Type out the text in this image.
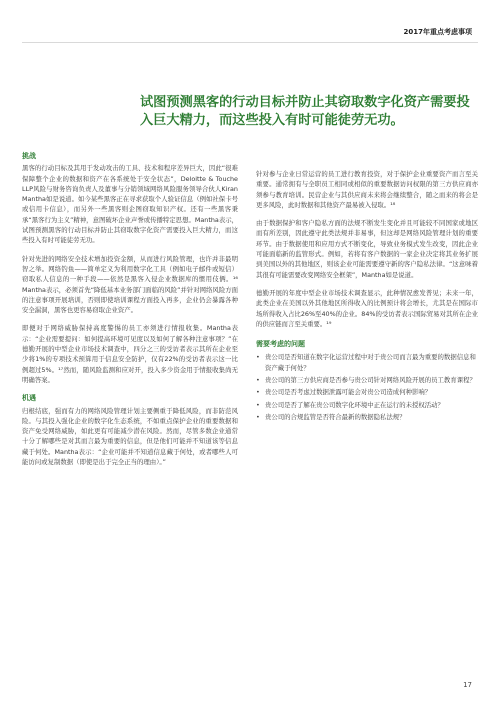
2017年重点考虑事项
试图预测黑客的行动目标并防止其窃取数字化资产需要投入巨大精力，而这些投入有时可能徒劳无功。
挑战

黑客的行动目标及其用于发动攻击的工具、技术和程序差异巨大，因此“很难保障整个企业的数据和资产在各系统处于安全状态”，Deloitte & Touche LLP风险与财务咨询负责人及董事与分销领域网络风险服务领导合伙人Kiran Mantha如是说道。如今某些黑客正在寻求获取个人验证信息（例如社保卡号或信用卡信息），而另外一些黑客则企图窃取知识产权。还有一些黑客秉承“黑客行为主义”精神，意图破坏企业声誉或传播特定思想。Mantha表示，试图预测黑客的行动目标并防止其窃取数字化资产需要投入巨大精力，而这些投入有时可能徒劳无功。

针对先进的网络安全技术增加投资金额，从而进行风险管理，也许并非最明智之举。网络钓鱼——简单定义为利用数字化工具（例如电子邮件或短信）窃取私人信息的一种手段——依然是黑客入侵企业数据库的惯用伎俩。¹⁶ Mantha表示，必须首先“降低基本业务部门面临的风险”并针对网络风险方面的注意事项开展培训，否则即使培训课程方面投入再多，企业仍会暴露各种安全漏洞，黑客也更容易窃取企业资产。

即便对于网络威胁保持高度警惕的员工亦须进行情报收集。Mantha表示：“企业需要提问：如何提高环境可见度以及如何了解各种注意事项？”在德勤开展的中型企业市场技术调查中，四分之三的受访者表示其所在企业至少将1%的专项技术预算用于信息安全防护，仅有22%的受访者表示这一比例超过5%。¹⁷然而，随风险监测和应对开，投入多少资金用于情报收集尚无明确答案。

机遇

归根结底，强而有力的网络风险管理计划主要侧重于降低风险，而非防范风险。与其投入强化企业的数字化生态系统，不如重点保护企业的重要数据和资产免受网络威胁，如此更有可能减少潜在风险。然而，尽管多数企业通常十分了解哪些是对其而言最为重要的信息，但是他们可能并不知道该等信息藏于何处。Mantha表示：“企业可能并不知道信息藏于何处，或者哪些人可能访问或复制数据（即使是出于完全正当的理由）。”

针对参与企业日常运营的员工进行教育投资，对于保护企业重要资产而言至关重要。通常拥有与全职员工相同或相似的重要数据访问权限的第三方供应商亦须参与教育培训。民营企业与其供应商未来将会继续整合，随之而来的将会是更多风险，此时数据和其他资产最易被入侵取。¹⁸

由于数据保护和客户隐私方面的法规不断发生变化并且可能较不同国家或地区而有所差别，因此遵守此类法规并非易事，但这却是网络风险管理计划的重要环节。由于数据使用和应用方式不断变化，导致业务模式发生改变，因此企业可能面临新的监管形式。例如，若将有客户数据的一家企业决定将其业务扩展到美国以外的其他地区，则该企业可能需要遵守新的客户隐私法律。“这意味着其很有可能需要改变网络安全框架”，Mantha如是说道。

德勤开展的年度中型企业市场技术调查显示，此种情况愈发普见；未来一年，此类企业在美国以外其他地区所得收入的比例预计将会增长，尤其是在国际市场所得收入占比26%至40%的企业。84%的受访者表示国际贸易对其所在企业的供应链而言至关重要。¹⁹

需要考虑的问题
• 贵公司是否知道在数字化运营过程中对于贵公司而言最为重要的数据信息和资产藏于何处？
• 贵公司的第三方供应商是否参与贵公司针对网络风险开展的员工教育课程？
• 贵公司是否考虑过数据泄露可能会对贵公司造成何种影响？
• 贵公司是否了解在贵公司数字化环境中正在运行的未授权活动？
• 贵公司的合规监管是否符合最新的数据隐私法规？
17
